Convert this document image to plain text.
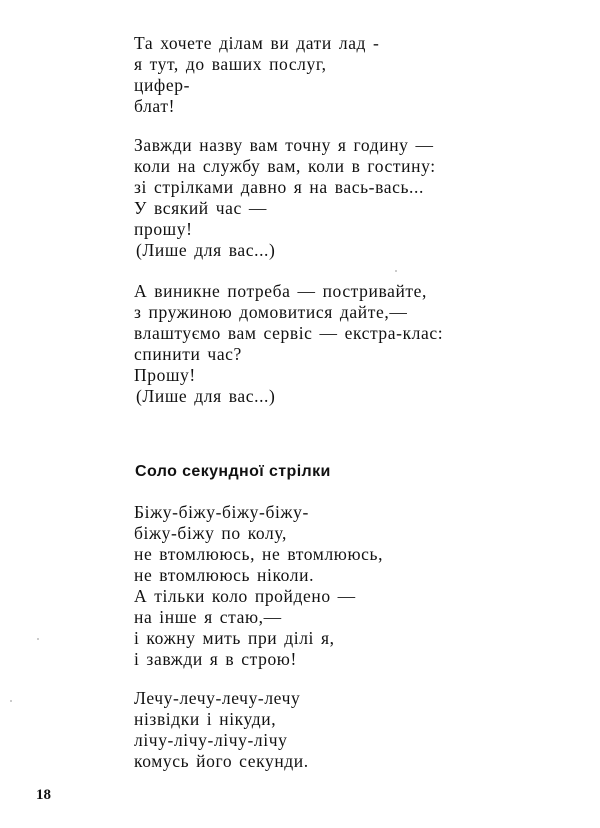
Та хочете ділам ви дати лад -
я тут, до ваших послуг,
цифер-
блат!
Завжди назву вам точну я годину —
коли на службу вам, коли в гостину:
зі стрілками давно я на вась-вась...
У всякий час —
прошу!
(Лише для вас...)
А виникне потреба — постривайте,
з пружиною домовитися дайте,—
влаштуємо вам сервіс — екстра-клас:
спинити час?
Прошу!
(Лише для вас...)
Соло секундної стрілки
Біжу-біжу-біжу-біжу-
біжу-біжу по колу,
не втомлююсь, не втомлююсь,
не втомлююсь ніколи.
А тільки коло пройдено —
на інше я стаю,—
і кожну мить при ділі я,
і завжди я в строю!
Лечу-лечу-лечу-лечу
нізвідки і нікуди,
лічу-лічу-лічу-лічу
комусь його секунди.
18
